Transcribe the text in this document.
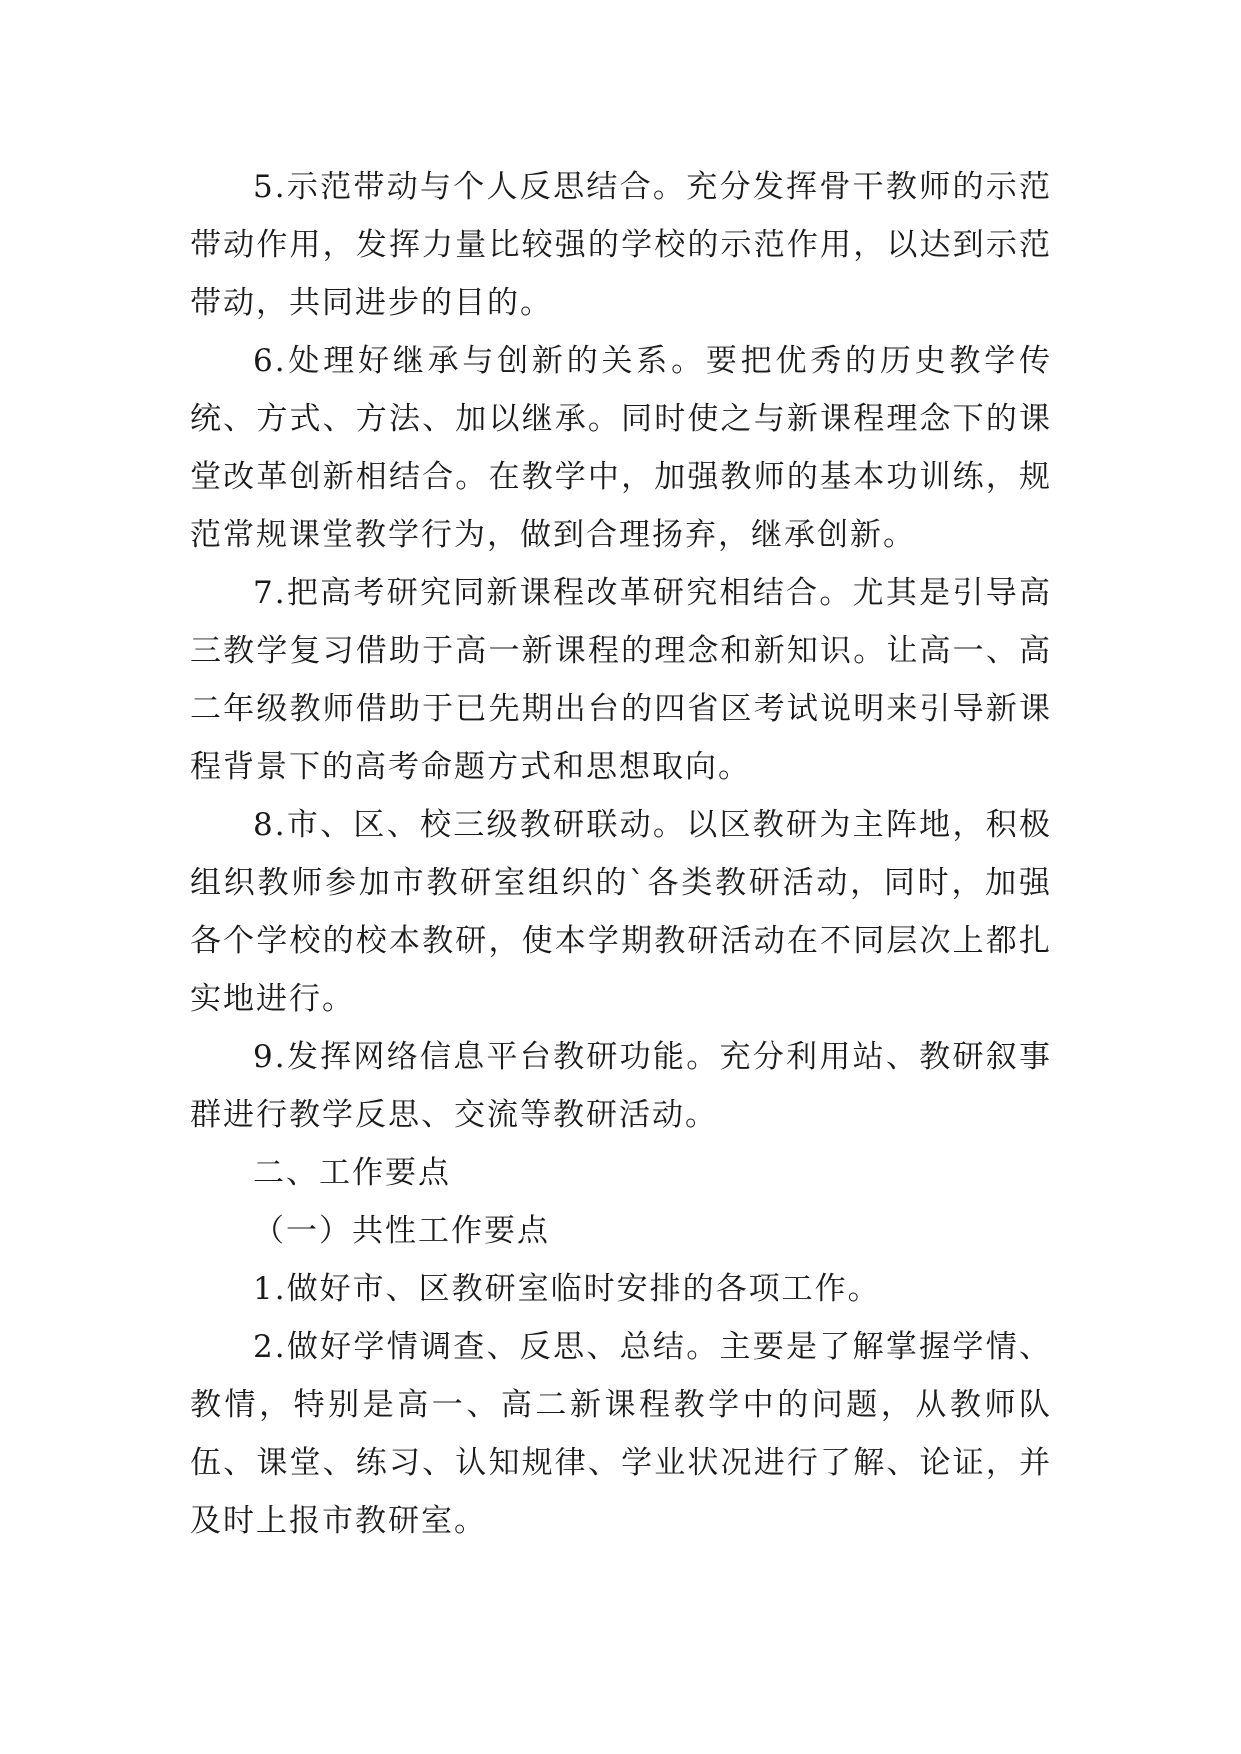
5.示范带动与个人反思结合。充分发挥骨干教师的示范带动作用，发挥力量比较强的学校的示范作用，以达到示范带动，共同进步的目的。

6.处理好继承与创新的关系。要把优秀的历史教学传统、方式、方法、加以继承。同时使之与新课程理念下的课堂改革创新相结合。在教学中，加强教师的基本功训练，规范常规课堂教学行为，做到合理扬弃，继承创新。

7.把高考研究同新课程改革研究相结合。尤其是引导高三教学复习借助于高一新课程的理念和新知识。让高一、高二年级教师借助于已先期出台的四省区考试说明来引导新课程背景下的高考命题方式和思想取向。

8.市、区、校三级教研联动。以区教研为主阵地，积极组织教师参加市教研室组织的`各类教研活动，同时，加强各个学校的校本教研，使本学期教研活动在不同层次上都扎实地进行。

9.发挥网络信息平台教研功能。充分利用站、教研叙事群进行教学反思、交流等教研活动。

二、工作要点

（一）共性工作要点

1.做好市、区教研室临时安排的各项工作。

2.做好学情调查、反思、总结。主要是了解掌握学情、教情，特别是高一、高二新课程教学中的问题，从教师队伍、课堂、练习、认知规律、学业状况进行了解、论证，并及时上报市教研室。
